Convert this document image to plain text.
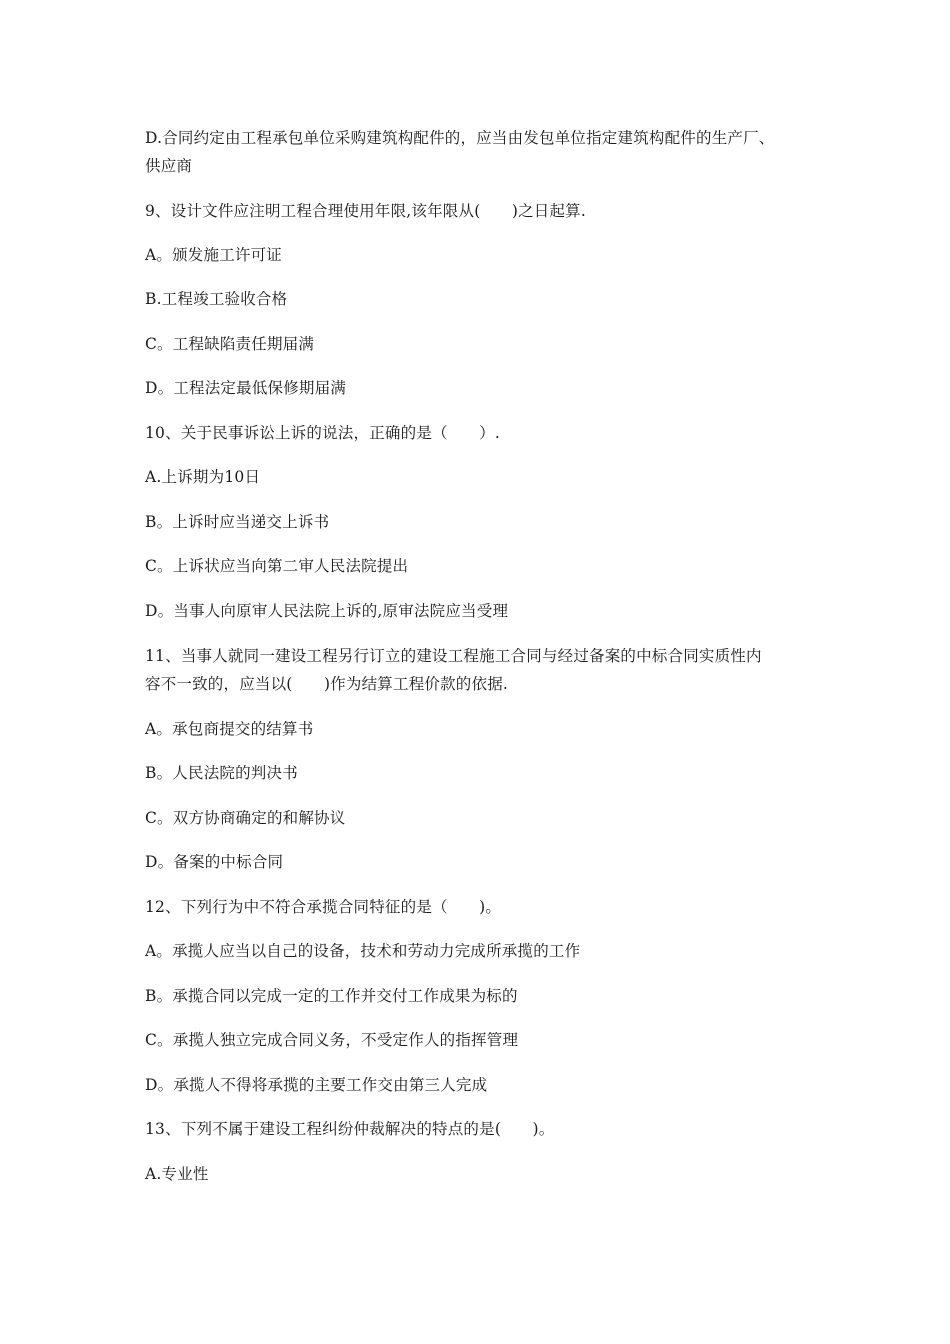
D.合同约定由工程承包单位采购建筑构配件的，应当由发包单位指定建筑构配件的生产厂、
供应商
9、设计文件应注明工程合理使用年限,该年限从(　　)之日起算.
A。颁发施工许可证
B.工程竣工验收合格
C。工程缺陷责任期届满
D。工程法定最低保修期届满
10、关于民事诉讼上诉的说法，正确的是（　　）.
A.上诉期为10日
B。上诉时应当递交上诉书
C。上诉状应当向第二审人民法院提出
D。当事人向原审人民法院上诉的,原审法院应当受理
11、当事人就同一建设工程另行订立的建设工程施工合同与经过备案的中标合同实质性内
容不一致的，应当以(　　)作为结算工程价款的依据.
A。承包商提交的结算书
B。人民法院的判决书
C。双方协商确定的和解协议
D。备案的中标合同
12、下列行为中不符合承揽合同特征的是（　　)。
A。承揽人应当以自己的设备，技术和劳动力完成所承揽的工作
B。承揽合同以完成一定的工作并交付工作成果为标的
C。承揽人独立完成合同义务，不受定作人的指挥管理
D。承揽人不得将承揽的主要工作交由第三人完成
13、下列不属于建设工程纠纷仲裁解决的特点的是(　　)。
A.专业性
